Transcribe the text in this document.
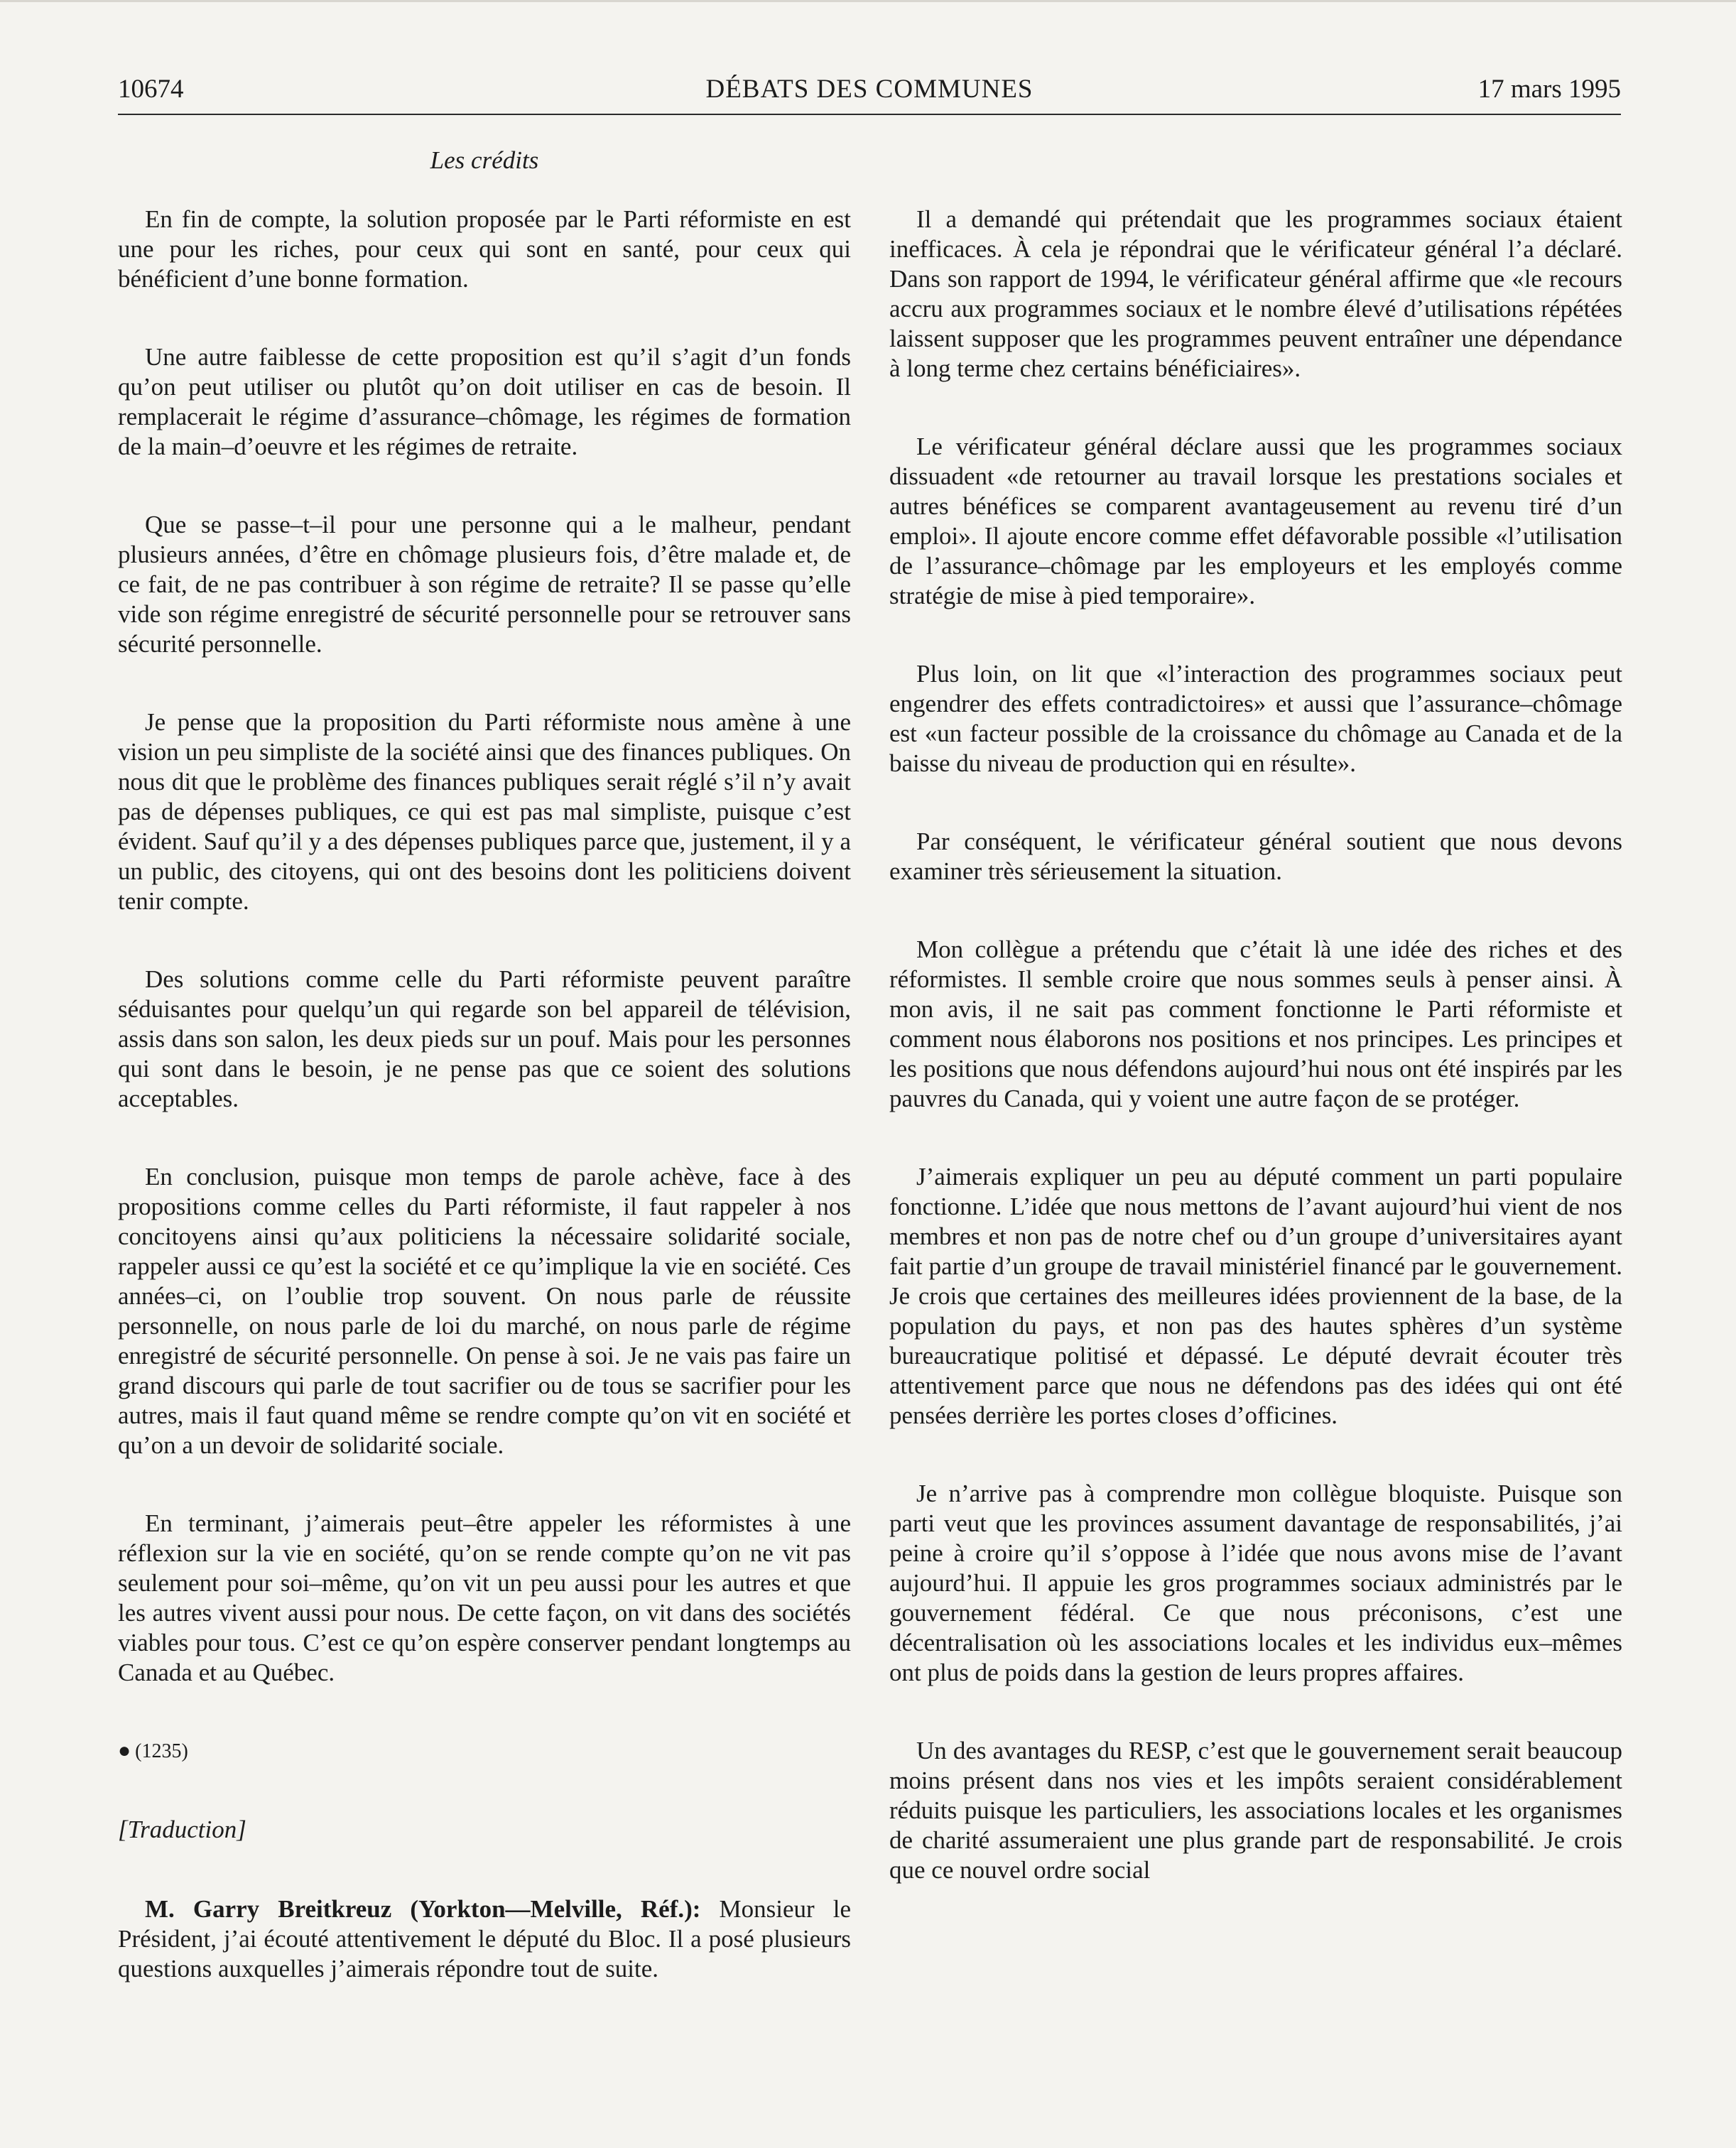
10674	DÉBATS DES COMMUNES	17 mars 1995
Les crédits

En fin de compte, la solution proposée par le Parti réformiste en est une pour les riches, pour ceux qui sont en santé, pour ceux qui bénéficient d’une bonne formation.

Une autre faiblesse de cette proposition est qu’il s’agit d’un fonds qu’on peut utiliser ou plutôt qu’on doit utiliser en cas de besoin. Il remplacerait le régime d’assurance–chômage, les régimes de formation de la main–d’oeuvre et les régimes de retraite.

Que se passe–t–il pour une personne qui a le malheur, pendant plusieurs années, d’être en chômage plusieurs fois, d’être malade et, de ce fait, de ne pas contribuer à son régime de retraite? Il se passe qu’elle vide son régime enregistré de sécurité personnelle pour se retrouver sans sécurité personnelle.

Je pense que la proposition du Parti réformiste nous amène à une vision un peu simpliste de la société ainsi que des finances publiques. On nous dit que le problème des finances publiques serait réglé s’il n’y avait pas de dépenses publiques, ce qui est pas mal simpliste, puisque c’est évident. Sauf qu’il y a des dépenses publiques parce que, justement, il y a un public, des citoyens, qui ont des besoins dont les politiciens doivent tenir compte.

Des solutions comme celle du Parti réformiste peuvent paraître séduisantes pour quelqu’un qui regarde son bel appareil de télévision, assis dans son salon, les deux pieds sur un pouf. Mais pour les personnes qui sont dans le besoin, je ne pense pas que ce soient des solutions acceptables.

En conclusion, puisque mon temps de parole achève, face à des propositions comme celles du Parti réformiste, il faut rappeler à nos concitoyens ainsi qu’aux politiciens la nécessaire solidarité sociale, rappeler aussi ce qu’est la société et ce qu’implique la vie en société. Ces années–ci, on l’oublie trop souvent. On nous parle de réussite personnelle, on nous parle de loi du marché, on nous parle de régime enregistré de sécurité personnelle. On pense à soi. Je ne vais pas faire un grand discours qui parle de tout sacrifier ou de tous se sacrifier pour les autres, mais il faut quand même se rendre compte qu’on vit en société et qu’on a un devoir de solidarité sociale.

En terminant, j’aimerais peut–être appeler les réformistes à une réflexion sur la vie en société, qu’on se rende compte qu’on ne vit pas seulement pour soi–même, qu’on vit un peu aussi pour les autres et que les autres vivent aussi pour nous. De cette façon, on vit dans des sociétés viables pour tous. C’est ce qu’on espère conserver pendant longtemps au Canada et au Québec.

● (1235)

[Traduction]

M. Garry Breitkreuz (Yorkton—Melville, Réf.): Monsieur le Président, j’ai écouté attentivement le député du Bloc. Il a posé plusieurs questions auxquelles j’aimerais répondre tout de suite.

Il a demandé qui prétendait que les programmes sociaux étaient inefficaces. À cela je répondrai que le vérificateur général l’a déclaré. Dans son rapport de 1994, le vérificateur général affirme que «le recours accru aux programmes sociaux et le nombre élevé d’utilisations répétées laissent supposer que les programmes peuvent entraîner une dépendance à long terme chez certains bénéficiaires».

Le vérificateur général déclare aussi que les programmes sociaux dissuadent «de retourner au travail lorsque les prestations sociales et autres bénéfices se comparent avantageusement au revenu tiré d’un emploi». Il ajoute encore comme effet défavorable possible «l’utilisation de l’assurance–chômage par les employeurs et les employés comme stratégie de mise à pied temporaire».

Plus loin, on lit que «l’interaction des programmes sociaux peut engendrer des effets contradictoires» et aussi que l’assurance–chômage est «un facteur possible de la croissance du chômage au Canada et de la baisse du niveau de production qui en résulte».

Par conséquent, le vérificateur général soutient que nous devons examiner très sérieusement la situation.

Mon collègue a prétendu que c’était là une idée des riches et des réformistes. Il semble croire que nous sommes seuls à penser ainsi. À mon avis, il ne sait pas comment fonctionne le Parti réformiste et comment nous élaborons nos positions et nos principes. Les principes et les positions que nous défendons aujourd’hui nous ont été inspirés par les pauvres du Canada, qui y voient une autre façon de se protéger.

J’aimerais expliquer un peu au député comment un parti populaire fonctionne. L’idée que nous mettons de l’avant aujourd’hui vient de nos membres et non pas de notre chef ou d’un groupe d’universitaires ayant fait partie d’un groupe de travail ministériel financé par le gouvernement. Je crois que certaines des meilleures idées proviennent de la base, de la population du pays, et non pas des hautes sphères d’un système bureaucratique politisé et dépassé. Le député devrait écouter très attentivement parce que nous ne défendons pas des idées qui ont été pensées derrière les portes closes d’officines.

Je n’arrive pas à comprendre mon collègue bloquiste. Puisque son parti veut que les provinces assument davantage de responsabilités, j’ai peine à croire qu’il s’oppose à l’idée que nous avons mise de l’avant aujourd’hui. Il appuie les gros programmes sociaux administrés par le gouvernement fédéral. Ce que nous préconisons, c’est une décentralisation où les associations locales et les individus eux–mêmes ont plus de poids dans la gestion de leurs propres affaires.

Un des avantages du RESP, c’est que le gouvernement serait beaucoup moins présent dans nos vies et les impôts seraient considérablement réduits puisque les particuliers, les associations locales et les organismes de charité assumeraient une plus grande part de responsabilité. Je crois que ce nouvel ordre social
